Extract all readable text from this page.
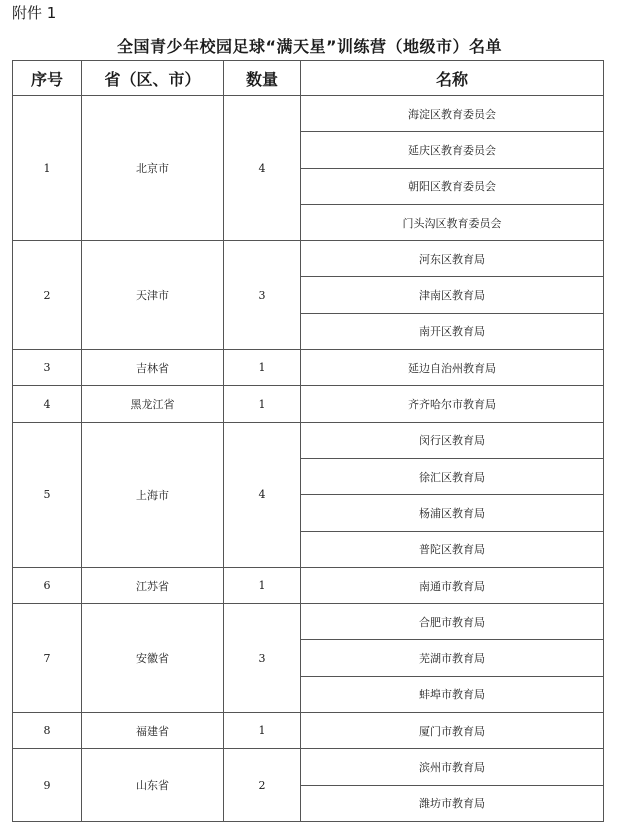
附件 1
全国青少年校园足球“满天星”训练营（地级市）名单
序号	省（区、市）	数量	名称
1	北京市	4	海淀区教育委员会
			延庆区教育委员会
			朝阳区教育委员会
			门头沟区教育委员会
2	天津市	3	河东区教育局
			津南区教育局
			南开区教育局
3	吉林省	1	延边自治州教育局
4	黑龙江省	1	齐齐哈尔市教育局
5	上海市	4	闵行区教育局
			徐汇区教育局
			杨浦区教育局
			普陀区教育局
6	江苏省	1	南通市教育局
7	安徽省	3	合肥市教育局
			芜湖市教育局
			蚌埠市教育局
8	福建省	1	厦门市教育局
9	山东省	2	滨州市教育局
			潍坊市教育局
